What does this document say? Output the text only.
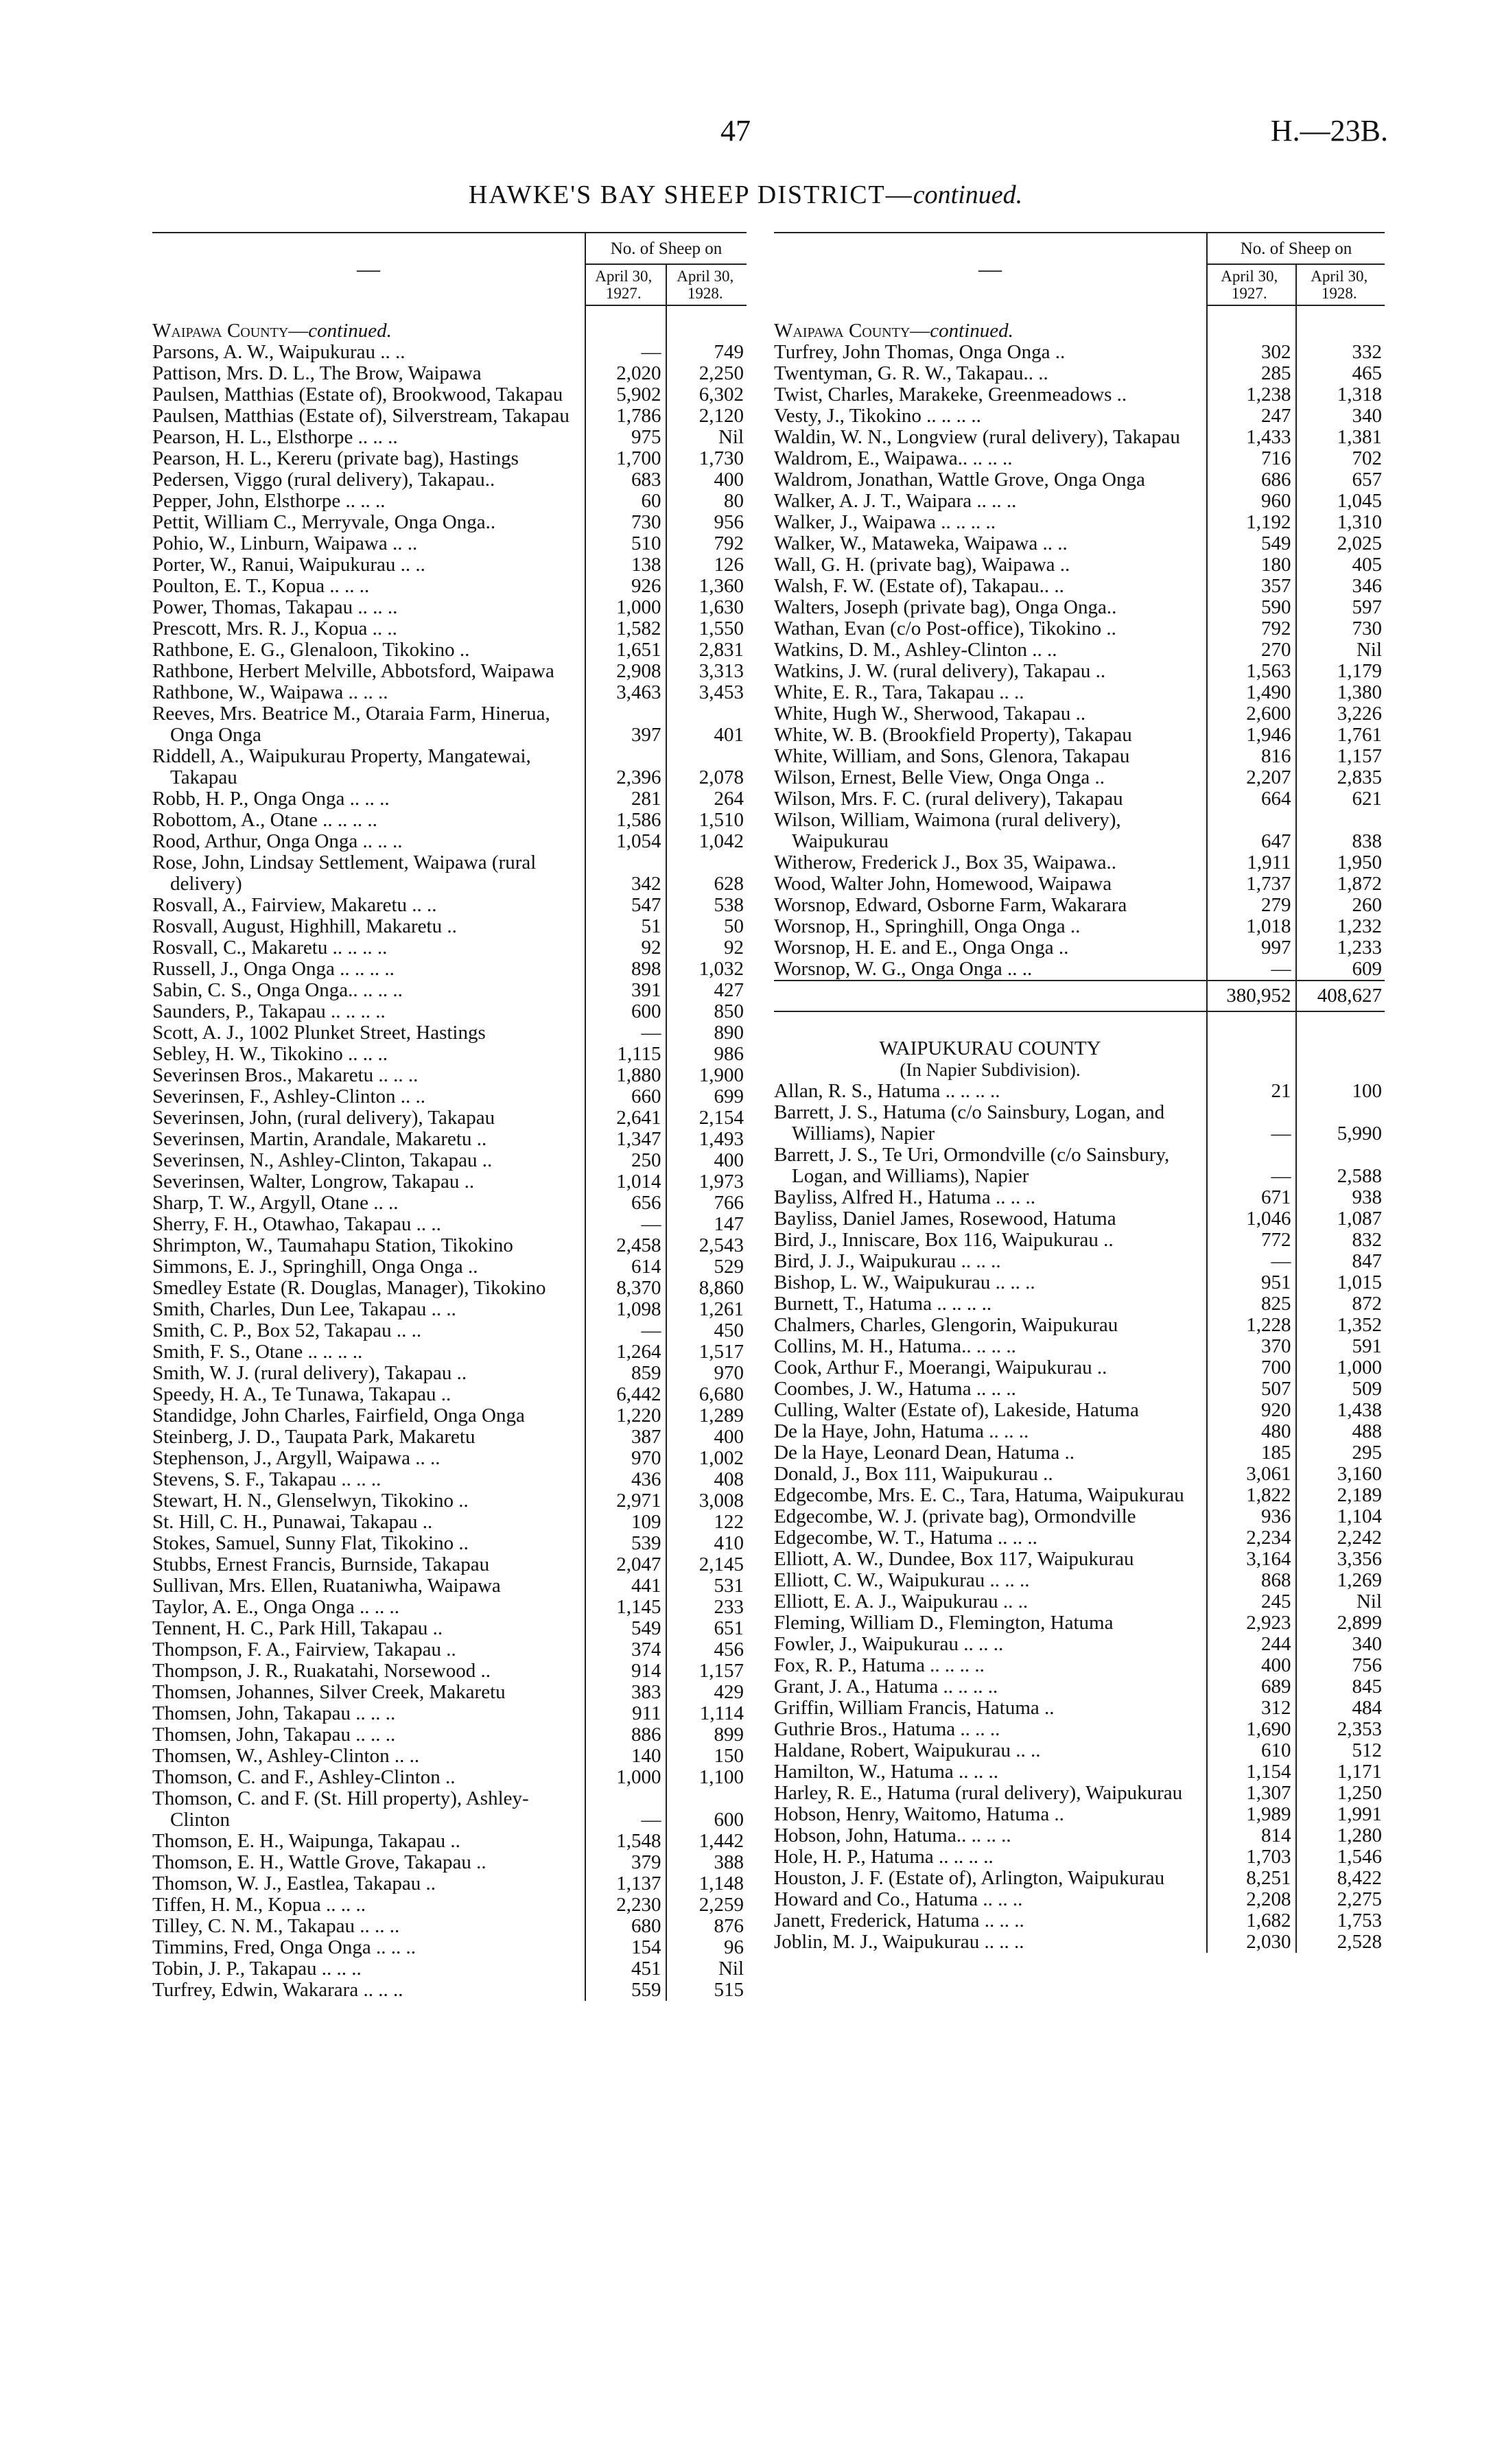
47	H.—23B.
HAWKE'S BAY SHEEP DISTRICT—continued.
—	No. of Sheep on	
	April 30, 1927.	April 30, 1928.
Waipawa County—continued.		
Parsons, A. W., Waipukurau .. ..	—	749
Pattison, Mrs. D. L., The Brow, Waipawa	2,020	2,250
Paulsen, Matthias (Estate of), Brookwood, Takapau	5,902	6,302
Paulsen, Matthias (Estate of), Silverstream, Takapau	1,786	2,120
Pearson, H. L., Elsthorpe .. .. ..	975	Nil
Pearson, H. L., Kereru (private bag), Hastings	1,700	1,730
Pedersen, Viggo (rural delivery), Takapau..	683	400
Pepper, John, Elsthorpe .. .. ..	60	80
Pettit, William C., Merryvale, Onga Onga..	730	956
Pohio, W., Linburn, Waipawa .. ..	510	792
Porter, W., Ranui, Waipukurau .. ..	138	126
Poulton, E. T., Kopua .. .. ..	926	1,360
Power, Thomas, Takapau .. .. ..	1,000	1,630
Prescott, Mrs. R. J., Kopua .. ..	1,582	1,550
Rathbone, E. G., Glenaloon, Tikokino ..	1,651	2,831
Rathbone, Herbert Melville, Abbotsford, Waipawa	2,908	3,313
Rathbone, W., Waipawa .. .. ..	3,463	3,453
Reeves, Mrs. Beatrice M., Otaraia Farm, Hinerua, Onga Onga	397	401
Riddell, A., Waipukurau Property, Mangatewai, Takapau	2,396	2,078
Robb, H. P., Onga Onga .. .. ..	281	264
Robottom, A., Otane .. .. .. ..	1,586	1,510
Rood, Arthur, Onga Onga .. .. ..	1,054	1,042
Rose, John, Lindsay Settlement, Waipawa (rural delivery)	342	628
Rosvall, A., Fairview, Makaretu .. ..	547	538
Rosvall, August, Highhill, Makaretu ..	51	50
Rosvall, C., Makaretu .. .. .. ..	92	92
Russell, J., Onga Onga .. .. .. ..	898	1,032
Sabin, C. S., Onga Onga.. .. .. ..	391	427
Saunders, P., Takapau .. .. .. ..	600	850
Scott, A. J., 1002 Plunket Street, Hastings	—	890
Sebley, H. W., Tikokino .. .. ..	1,115	986
Severinsen Bros., Makaretu .. .. ..	1,880	1,900
Severinsen, F., Ashley-Clinton .. ..	660	699
Severinsen, John, (rural delivery), Takapau	2,641	2,154
Severinsen, Martin, Arandale, Makaretu ..	1,347	1,493
Severinsen, N., Ashley-Clinton, Takapau ..	250	400
Severinsen, Walter, Longrow, Takapau ..	1,014	1,973
Sharp, T. W., Argyll, Otane .. ..	656	766
Sherry, F. H., Otawhao, Takapau .. ..	—	147
Shrimpton, W., Taumahapu Station, Tikokino	2,458	2,543
Simmons, E. J., Springhill, Onga Onga ..	614	529
Smedley Estate (R. Douglas, Manager), Tikokino	8,370	8,860
Smith, Charles, Dun Lee, Takapau .. ..	1,098	1,261
Smith, C. P., Box 52, Takapau .. ..	—	450
Smith, F. S., Otane .. .. .. ..	1,264	1,517
Smith, W. J. (rural delivery), Takapau ..	859	970
Speedy, H. A., Te Tunawa, Takapau ..	6,442	6,680
Standidge, John Charles, Fairfield, Onga Onga	1,220	1,289
Steinberg, J. D., Taupata Park, Makaretu	387	400
Stephenson, J., Argyll, Waipawa .. ..	970	1,002
Stevens, S. F., Takapau .. .. ..	436	408
Stewart, H. N., Glenselwyn, Tikokino ..	2,971	3,008
St. Hill, C. H., Punawai, Takapau ..	109	122
Stokes, Samuel, Sunny Flat, Tikokino ..	539	410
Stubbs, Ernest Francis, Burnside, Takapau	2,047	2,145
Sullivan, Mrs. Ellen, Ruataniwha, Waipawa	441	531
Taylor, A. E., Onga Onga .. .. ..	1,145	233
Tennent, H. C., Park Hill, Takapau ..	549	651
Thompson, F. A., Fairview, Takapau ..	374	456
Thompson, J. R., Ruakatahi, Norsewood ..	914	1,157
Thomsen, Johannes, Silver Creek, Makaretu	383	429
Thomsen, John, Takapau .. .. ..	911	1,114
Thomsen, John, Takapau .. .. ..	886	899
Thomsen, W., Ashley-Clinton .. ..	140	150
Thomson, C. and F., Ashley-Clinton ..	1,000	1,100
Thomson, C. and F. (St. Hill property), Ashley-Clinton	—	600
Thomson, E. H., Waipunga, Takapau ..	1,548	1,442
Thomson, E. H., Wattle Grove, Takapau ..	379	388
Thomson, W. J., Eastlea, Takapau ..	1,137	1,148
Tiffen, H. M., Kopua .. .. ..	2,230	2,259
Tilley, C. N. M., Takapau .. .. ..	680	876
Timmins, Fred, Onga Onga .. .. ..	154	96
Tobin, J. P., Takapau .. .. ..	451	Nil
Turfrey, Edwin, Wakarara .. .. ..	559	515
—	No. of Sheep on	
	April 30, 1927.	April 30, 1928.
Waipawa County—continued.		
Turfrey, John Thomas, Onga Onga ..	302	332
Twentyman, G. R. W., Takapau.. ..	285	465
Twist, Charles, Marakeke, Greenmeadows ..	1,238	1,318
Vesty, J., Tikokino .. .. .. ..	247	340
Waldin, W. N., Longview (rural delivery), Takapau	1,433	1,381
Waldrom, E., Waipawa.. .. .. ..	716	702
Waldrom, Jonathan, Wattle Grove, Onga Onga	686	657
Walker, A. J. T., Waipara .. .. ..	960	1,045
Walker, J., Waipawa .. .. .. ..	1,192	1,310
Walker, W., Mataweka, Waipawa .. ..	549	2,025
Wall, G. H. (private bag), Waipawa ..	180	405
Walsh, F. W. (Estate of), Takapau.. ..	357	346
Walters, Joseph (private bag), Onga Onga..	590	597
Wathan, Evan (c/o Post-office), Tikokino ..	792	730
Watkins, D. M., Ashley-Clinton .. ..	270	Nil
Watkins, J. W. (rural delivery), Takapau ..	1,563	1,179
White, E. R., Tara, Takapau .. ..	1,490	1,380
White, Hugh W., Sherwood, Takapau ..	2,600	3,226
White, W. B. (Brookfield Property), Takapau	1,946	1,761
White, William, and Sons, Glenora, Takapau	816	1,157
Wilson, Ernest, Belle View, Onga Onga ..	2,207	2,835
Wilson, Mrs. F. C. (rural delivery), Takapau	664	621
Wilson, William, Waimona (rural delivery), Waipukurau	647	838
Witherow, Frederick J., Box 35, Waipawa..	1,911	1,950
Wood, Walter John, Homewood, Waipawa	1,737	1,872
Worsnop, Edward, Osborne Farm, Wakarara	279	260
Worsnop, H., Springhill, Onga Onga ..	1,018	1,232
Worsnop, H. E. and E., Onga Onga ..	997	1,233
Worsnop, W. G., Onga Onga .. ..	—	609
	380,952	408,627
WAIPUKURAU COUNTY		
(In Napier Subdivision).		
Allan, R. S., Hatuma .. .. .. ..	21	100
Barrett, J. S., Hatuma (c/o Sainsbury, Logan, and Williams), Napier	—	5,990
Barrett, J. S., Te Uri, Ormondville (c/o Sainsbury, Logan, and Williams), Napier	—	2,588
Bayliss, Alfred H., Hatuma .. .. ..	671	938
Bayliss, Daniel James, Rosewood, Hatuma	1,046	1,087
Bird, J., Inniscare, Box 116, Waipukurau ..	772	832
Bird, J. J., Waipukurau .. .. ..	—	847
Bishop, L. W., Waipukurau .. .. ..	951	1,015
Burnett, T., Hatuma .. .. .. ..	825	872
Chalmers, Charles, Glengorin, Waipukurau	1,228	1,352
Collins, M. H., Hatuma.. .. .. ..	370	591
Cook, Arthur F., Moerangi, Waipukurau ..	700	1,000
Coombes, J. W., Hatuma .. .. ..	507	509
Culling, Walter (Estate of), Lakeside, Hatuma	920	1,438
De la Haye, John, Hatuma .. .. ..	480	488
De la Haye, Leonard Dean, Hatuma ..	185	295
Donald, J., Box 111, Waipukurau ..	3,061	3,160
Edgecombe, Mrs. E. C., Tara, Hatuma, Waipukurau	1,822	2,189
Edgecombe, W. J. (private bag), Ormondville	936	1,104
Edgecombe, W. T., Hatuma .. .. ..	2,234	2,242
Elliott, A. W., Dundee, Box 117, Waipukurau	3,164	3,356
Elliott, C. W., Waipukurau .. .. ..	868	1,269
Elliott, E. A. J., Waipukurau .. ..	245	Nil
Fleming, William D., Flemington, Hatuma	2,923	2,899
Fowler, J., Waipukurau .. .. ..	244	340
Fox, R. P., Hatuma .. .. .. ..	400	756
Grant, J. A., Hatuma .. .. .. ..	689	845
Griffin, William Francis, Hatuma ..	312	484
Guthrie Bros., Hatuma .. .. ..	1,690	2,353
Haldane, Robert, Waipukurau .. ..	610	512
Hamilton, W., Hatuma .. .. ..	1,154	1,171
Harley, R. E., Hatuma (rural delivery), Waipukurau	1,307	1,250
Hobson, Henry, Waitomo, Hatuma ..	1,989	1,991
Hobson, John, Hatuma.. .. .. ..	814	1,280
Hole, H. P., Hatuma .. .. .. ..	1,703	1,546
Houston, J. F. (Estate of), Arlington, Waipukurau	8,251	8,422
Howard and Co., Hatuma .. .. ..	2,208	2,275
Janett, Frederick, Hatuma .. .. ..	1,682	1,753
Joblin, M. J., Waipukurau .. .. ..	2,030	2,528
